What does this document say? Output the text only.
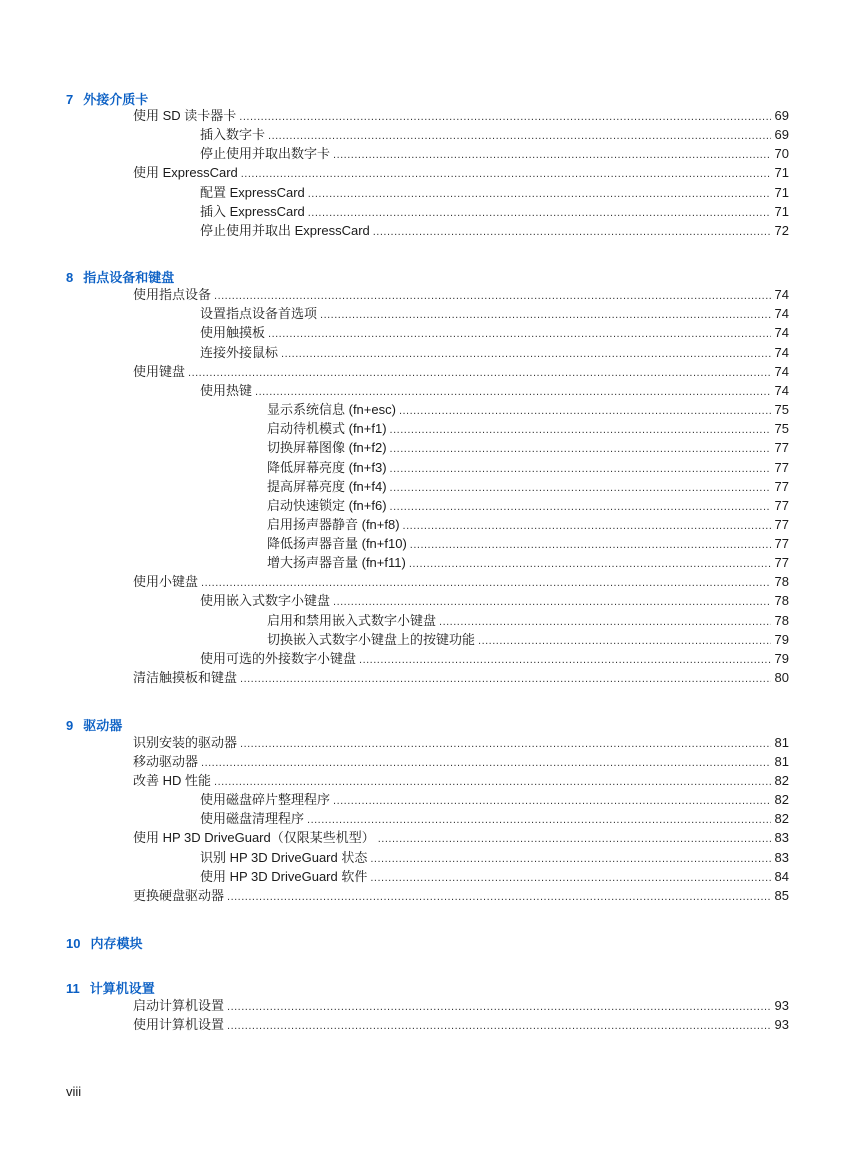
7 外接介质卡
使用 SD 读卡器卡 .....	69
插入数字卡 .....	69
停止使用并取出数字卡 .....	70
使用 ExpressCard .....	71
配置 ExpressCard .....	71
插入 ExpressCard .....	71
停止使用并取出 ExpressCard .....	72
8 指点设备和键盘
使用指点设备 .....	74
设置指点设备首选项 .....	74
使用触摸板 .....	74
连接外接鼠标 .....	74
使用键盘 .....	74
使用热键 .....	74
显示系统信息 (fn+esc) .....	75
启动待机模式 (fn+f1) .....	75
切换屏幕图像 (fn+f2) .....	77
降低屏幕亮度 (fn+f3) .....	77
提高屏幕亮度 (fn+f4) .....	77
启动快速锁定 (fn+f6) .....	77
启用扬声器静音 (fn+f8) .....	77
降低扬声器音量 (fn+f10) .....	77
增大扬声器音量 (fn+f11) .....	77
使用小键盘 .....	78
使用嵌入式数字小键盘 .....	78
启用和禁用嵌入式数字小键盘 .....	78
切换嵌入式数字小键盘上的按键功能 .....	79
使用可选的外接数字小键盘 .....	79
清洁触摸板和键盘 .....	80
9 驱动器
识别安装的驱动器 .....	81
移动驱动器 .....	81
改善 HD 性能 .....	82
使用磁盘碎片整理程序 .....	82
使用磁盘清理程序 .....	82
使用 HP 3D DriveGuard（仅限某些机型） .....	83
识别 HP 3D DriveGuard 状态 .....	83
使用 HP 3D DriveGuard 软件 .....	84
更换硬盘驱动器 .....	85
10 内存模块
11 计算机设置
启动计算机设置 .....	93
使用计算机设置 .....	93
viii
